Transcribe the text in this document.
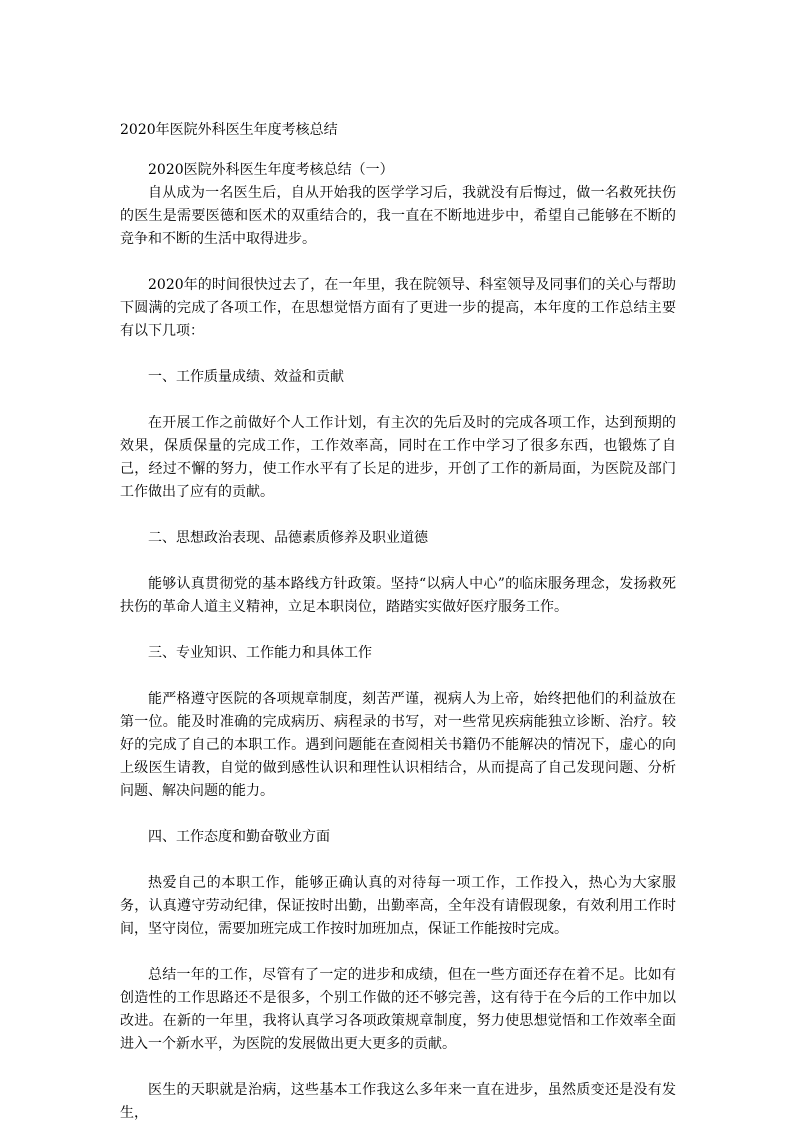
2020年医院外科医生年度考核总结

2020医院外科医生年度考核总结（一）

自从成为一名医生后，自从开始我的医学学习后，我就没有后悔过，做一名救死扶伤的医生是需要医德和医术的双重结合的，我一直在不断地进步中，希望自己能够在不断的竞争和不断的生活中取得进步。

2020年的时间很快过去了，在一年里，我在院领导、科室领导及同事们的关心与帮助下圆满的完成了各项工作，在思想觉悟方面有了更进一步的提高，本年度的工作总结主要有以下几项：

一、工作质量成绩、效益和贡献

在开展工作之前做好个人工作计划，有主次的先后及时的完成各项工作，达到预期的效果，保质保量的完成工作，工作效率高，同时在工作中学习了很多东西，也锻炼了自己，经过不懈的努力，使工作水平有了长足的进步，开创了工作的新局面，为医院及部门工作做出了应有的贡献。

二、思想政治表现、品德素质修养及职业道德

能够认真贯彻党的基本路线方针政策。坚持“以病人中心”的临床服务理念，发扬救死扶伤的革命人道主义精神，立足本职岗位，踏踏实实做好医疗服务工作。

三、专业知识、工作能力和具体工作

能严格遵守医院的各项规章制度，刻苦严谨，视病人为上帝，始终把他们的利益放在第一位。能及时准确的完成病历、病程录的书写，对一些常见疾病能独立诊断、治疗。较好的完成了自己的本职工作。遇到问题能在查阅相关书籍仍不能解决的情况下，虚心的向上级医生请教，自觉的做到感性认识和理性认识相结合，从而提高了自己发现问题、分析问题、解决问题的能力。

四、工作态度和勤奋敬业方面

热爱自己的本职工作，能够正确认真的对待每一项工作，工作投入，热心为大家服务，认真遵守劳动纪律，保证按时出勤，出勤率高，全年没有请假现象，有效利用工作时间，坚守岗位，需要加班完成工作按时加班加点，保证工作能按时完成。

总结一年的工作，尽管有了一定的进步和成绩，但在一些方面还存在着不足。比如有创造性的工作思路还不是很多，个别工作做的还不够完善，这有待于在今后的工作中加以改进。在新的一年里，我将认真学习各项政策规章制度，努力使思想觉悟和工作效率全面进入一个新水平，为医院的发展做出更大更多的贡献。

医生的天职就是治病，这些基本工作我这么多年来一直在进步，虽然质变还是没有发生，
